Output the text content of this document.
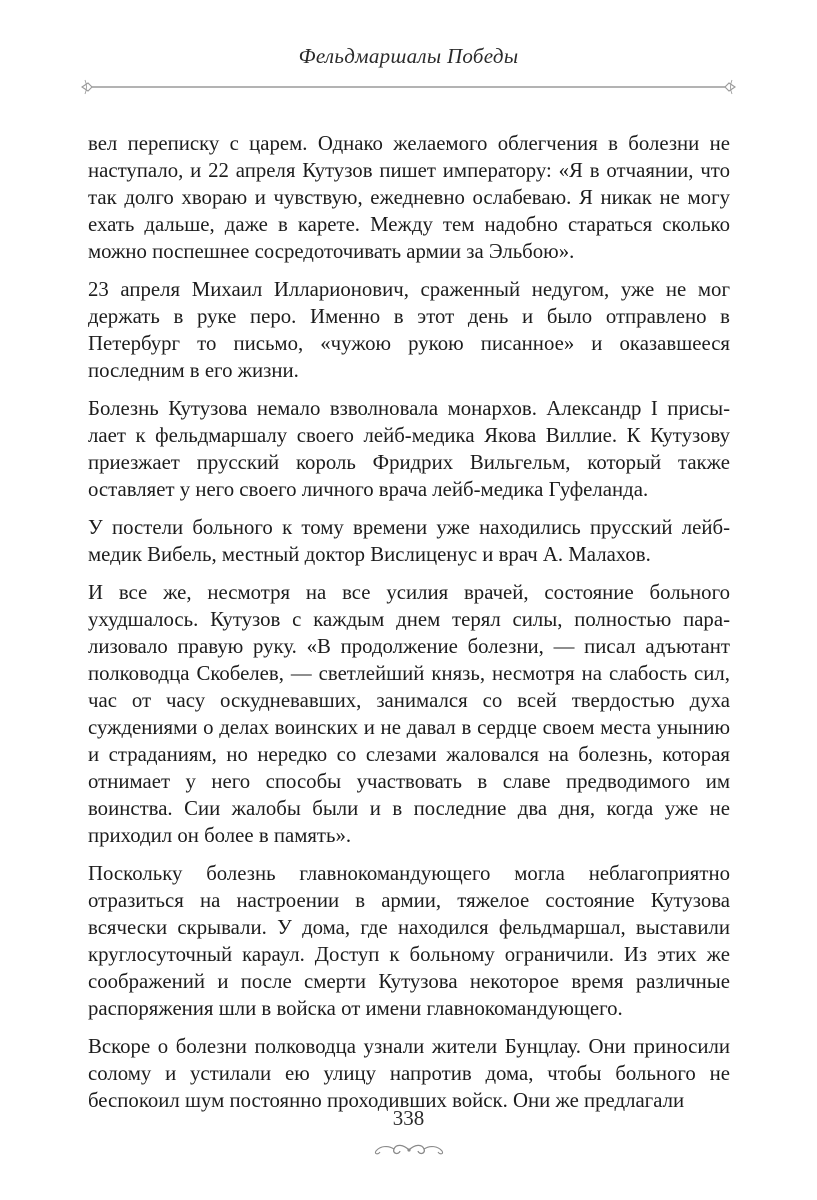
Фельдмаршалы Победы

вел переписку с царем. Однако желаемого облегчения в болезни не наступало, и 22 апреля Кутузов пишет императору: «Я в отчаянии, что так долго хвораю и чувствую, ежедневно ослабеваю. Я никак не могу ехать дальше, даже в карете. Между тем надобно стараться сколько можно поспешнее сосредоточивать армии за Эльбою».

23 апреля Михаил Илларионович, сраженный недугом, уже не мог держать в руке перо. Именно в этот день и было отправлено в Петербург то письмо, «чужою рукою писанное» и оказавшееся последним в его жизни.

Болезнь Кутузова немало взволновала монархов. Александр I присылает к фельдмаршалу своего лейб-медика Якова Виллие. К Кутузову приезжает прусский король Фридрих Вильгельм, который также оставляет у него своего личного врача лейб-медика Гуфеланда.

У постели больного к тому времени уже находились прусский лейб-медик Вибель, местный доктор Вислиценус и врач А. Малахов.

И все же, несмотря на все усилия врачей, состояние больного ухудшалось. Кутузов с каждым днем терял силы, полностью парализовало правую руку. «В продолжение болезни, — писал адъютант полководца Скобелев, — светлейший князь, несмотря на слабость сил, час от часу оскудневавших, занимался со всей твердостью духа суждениями о делах воинских и не давал в сердце своем места унынию и страданиям, но нередко со слезами жаловался на болезнь, которая отнимает у него способы участвовать в славе предводимого им воинства. Сии жалобы были и в последние два дня, когда уже не приходил он более в память».

Поскольку болезнь главнокомандующего могла неблагоприятно отразиться на настроении в армии, тяжелое состояние Кутузова всячески скрывали. У дома, где находился фельдмаршал, выставили круглосуточный караул. Доступ к больному ограничили. Из этих же соображений и после смерти Кутузова некоторое время различные распоряжения шли в войска от имени главнокомандующего.

Вскоре о болезни полководца узнали жители Бунцлау. Они приносили солому и устилали ею улицу напротив дома, чтобы больного не беспокоил шум постоянно проходивших войск. Они же предлагали

338
